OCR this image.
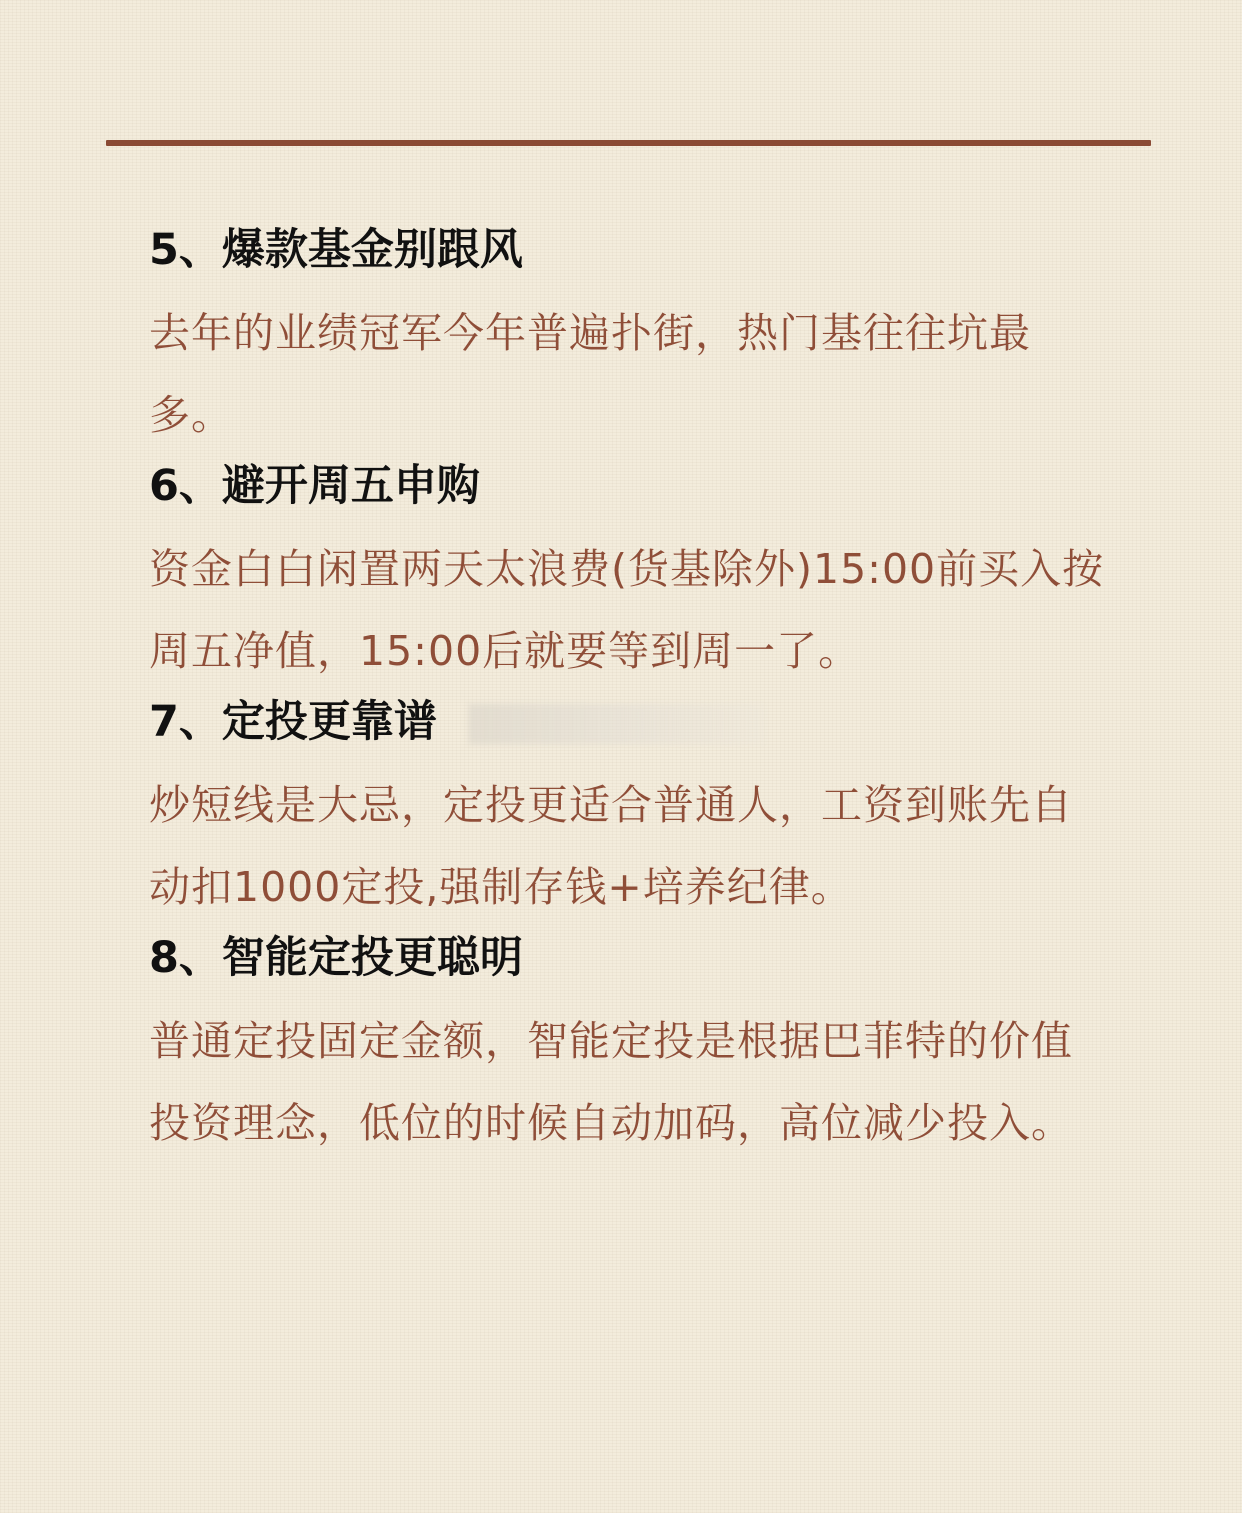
5、爆款基金别跟风

去年的业绩冠军今年普遍扑街，热门基往往坑最多。

6、避开周五申购

资金白白闲置两天太浪费(货基除外)15:00前买入按周五净值，15:00后就要等到周一了。

7、定投更靠谱

炒短线是大忌，定投更适合普通人，工资到账先自动扣1000定投,强制存钱+培养纪律。

8、智能定投更聪明

普通定投固定金额，智能定投是根据巴菲特的价值投资理念，低位的时候自动加码，高位减少投入。
